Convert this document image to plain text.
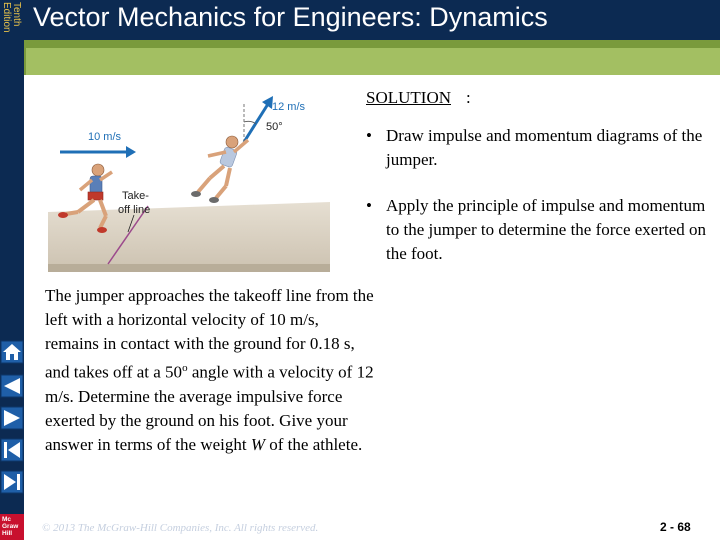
Tenth
Edition Vector Mechanics for Engineers: Dynamics
10 m/s
12 m/s
50°
Take-
off line
SOLUTION :
• Draw impulse and momentum diagrams of the jumper.
• Apply the principle of impulse and momentum to the jumper to determine the force exerted on the foot.
The jumper approaches the takeoff line from the left with a horizontal velocity of 10 m/s, remains in contact with the ground for 0.18 s, and takes off at a 50$^o$ angle with a velocity of 12 m/s. Determine the average impulsive force exerted by the ground on his foot. Give your answer in terms of the weight W of the athlete.
Mc
Graw
Hill	© 2013 The McGraw-Hill Companies, Inc. All rights reserved.	2 - 68
